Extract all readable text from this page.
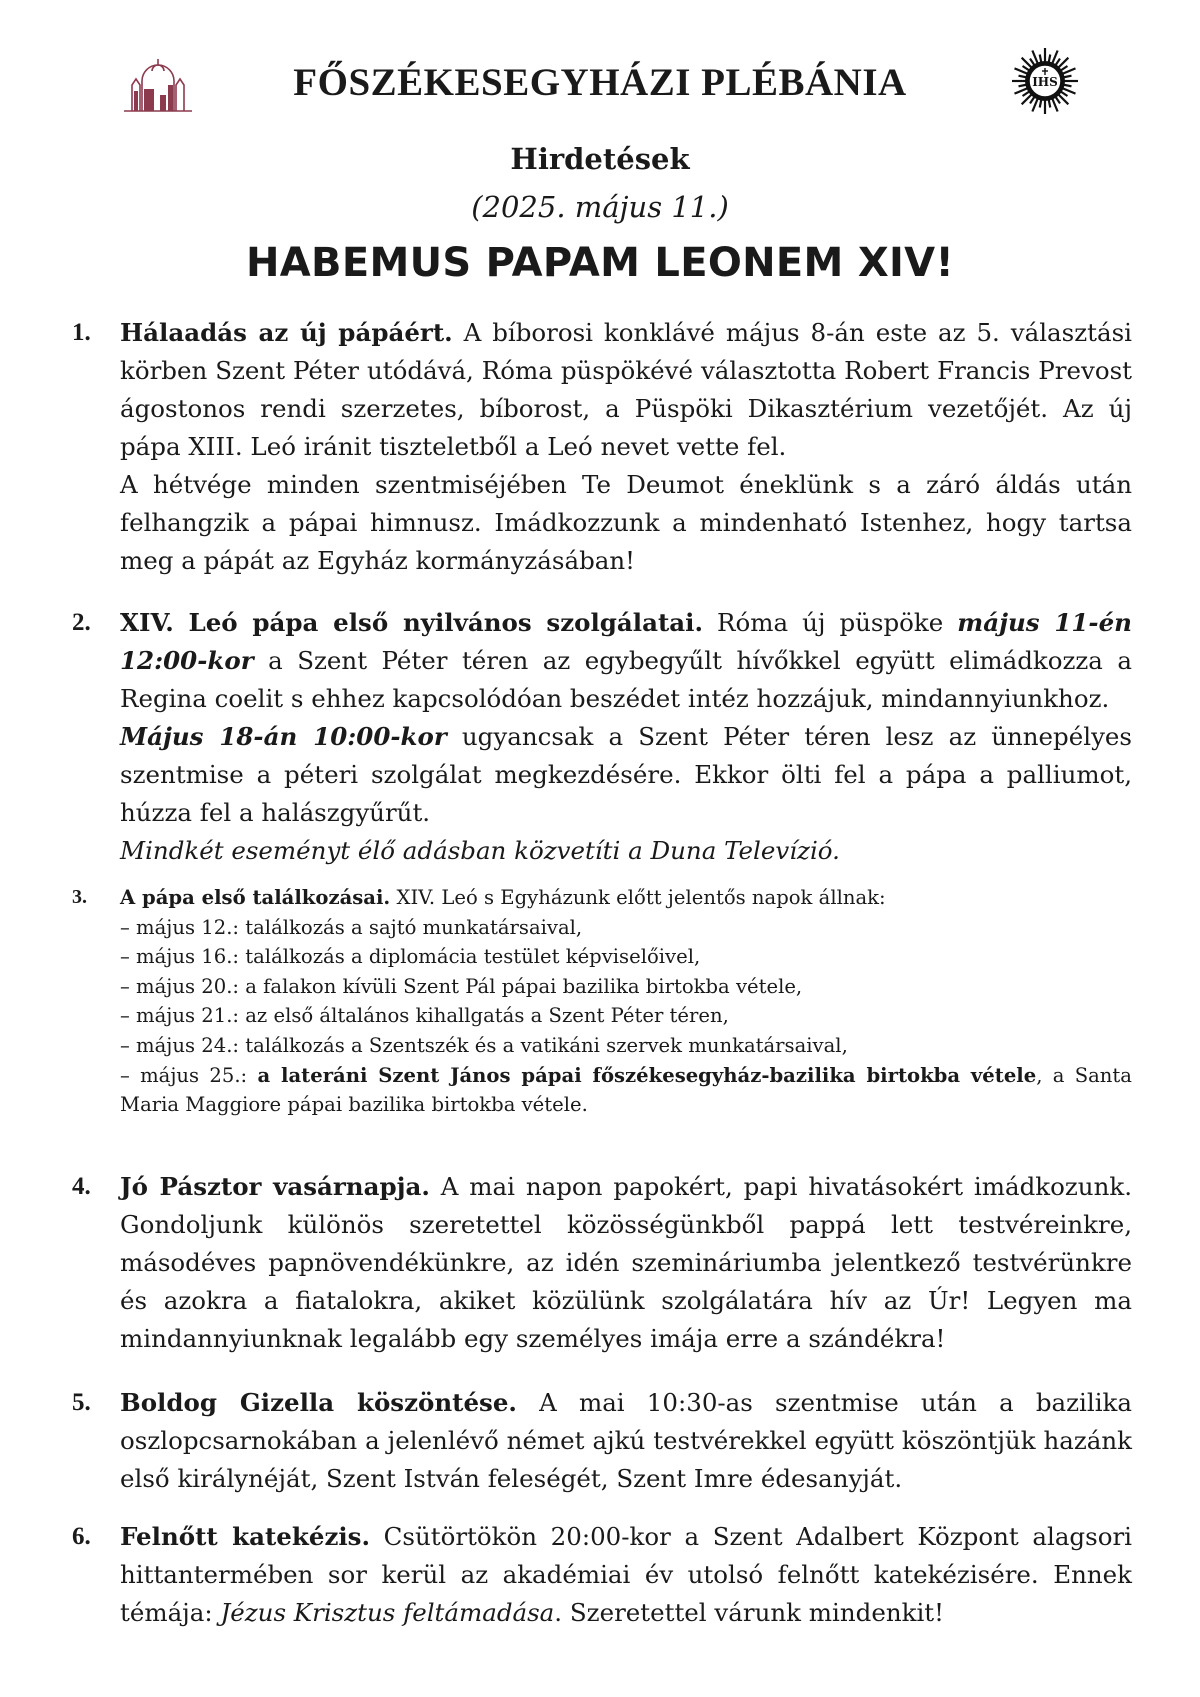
FŐSZÉKESEGYHÁZI PLÉBÁNIA	IHS
Hirdetések
(2025. május 11.)
HABEMUS PAPAM LEONEM XIV!
1. Hálaadás az új pápáért. A bíborosi konklávé május 8-án este az 5. választási körben Szent Péter utódává, Róma püspökévé választotta Robert Francis Prevost ágostonos rendi szerzetes, bíborost, a Püspöki Dikasztérium vezetőjét. Az új pápa XIII. Leó iránit tiszteletből a Leó nevet vette fel.

A hétvége minden szentmiséjében Te Deumot éneklünk s a záró áldás után felhangzik a pápai himnusz. Imádkozzunk a mindenható Istenhez, hogy tartsa meg a pápát az Egyház kormányzásában!

2. XIV. Leó pápa első nyilvános szolgálatai. Róma új püspöke május 11-én 12:00-kor a Szent Péter téren az egybegyűlt hívőkkel együtt elimádkozza a Regina coelit s ehhez kapcsolódóan beszédet intéz hozzájuk, mindannyiunkhoz.

Május 18-án 10:00-kor ugyancsak a Szent Péter téren lesz az ünnepélyes szentmise a péteri szolgálat megkezdésére. Ekkor ölti fel a pápa a palliumot, húzza fel a halászgyűrűt.

Mindkét eseményt élő adásban közvetíti a Duna Televízió.

3. A pápa első találkozásai. XIV. Leó s Egyházunk előtt jelentős napok állnak:

– május 12.: találkozás a sajtó munkatársaival,

– május 16.: találkozás a diplomácia testület képviselőivel,

– május 20.: a falakon kívüli Szent Pál pápai bazilika birtokba vétele,

– május 21.: az első általános kihallgatás a Szent Péter téren,

– május 24.: találkozás a Szentszék és a vatikáni szervek munkatársaival,

– május 25.: a lateráni Szent János pápai főszékesegyház-bazilika birtokba vétele, a Santa Maria Maggiore pápai bazilika birtokba vétele.

4. Jó Pásztor vasárnapja. A mai napon papokért, papi hivatásokért imádkozunk. Gondoljunk különös szeretettel közösségünkből pappá lett testvéreinkre, másodéves papnövendékünkre, az idén szemináriumba jelentkező testvérünkre és azokra a fiatalokra, akiket közülünk szolgálatára hív az Úr! Legyen ma mindannyiunknak legalább egy személyes imája erre a szándékra!

5. Boldog Gizella köszöntése. A mai 10:30-as szentmise után a bazilika oszlopcsarnokában a jelenlévő német ajkú testvérekkel együtt köszöntjük hazánk első királynéját, Szent István feleségét, Szent Imre édesanyját.

6. Felnőtt katekézis. Csütörtökön 20:00-kor a Szent Adalbert Központ alagsori hittantermében sor kerül az akadémiai év utolsó felnőtt katekézisére. Ennek témája: Jézus Krisztus feltámadása. Szeretettel várunk mindenkit!
